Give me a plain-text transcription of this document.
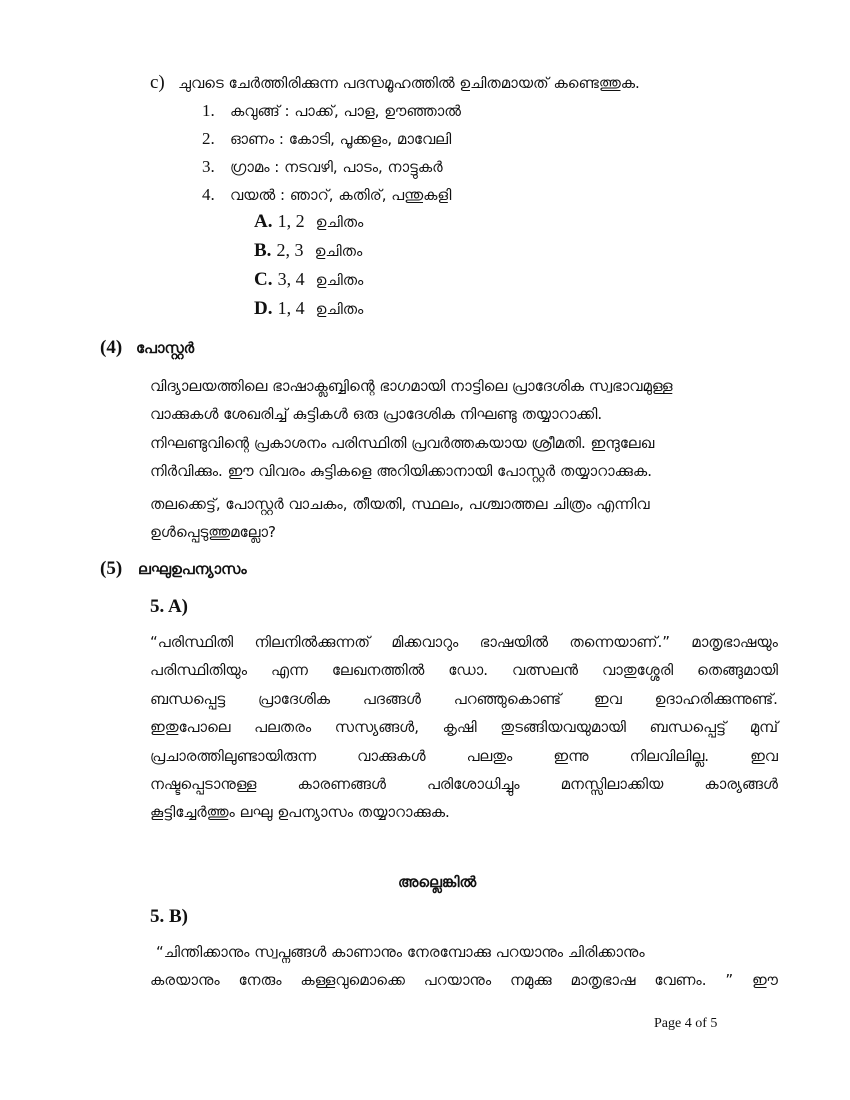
c) ചുവടെ ചേർത്തിരിക്കുന്ന പദസമൂഹത്തിൽ ഉചിതമായത് കണ്ടെത്തുക.
1. കവുങ്ങ് : പാക്ക്, പാള, ഊഞ്ഞാൽ
2. ഓണം : കോടി, പൂക്കളം, മാവേലി
3. ഗ്രാമം : നടവഴി, പാടം, നാട്ടുകർ
4. വയൽ : ഞാറ്, കതിര്, പന്തുകളി
A. 1, 2 ഉചിതം
B. 2, 3 ഉചിതം
C. 3, 4 ഉചിതം
D. 1, 4 ഉചിതം
(4) പോസ്റ്റർ
വിദ്യാലയത്തിലെ ഭാഷാക്ലബ്ബിന്റെ ഭാഗമായി നാട്ടിലെ പ്രാദേശിക സ്വഭാവമുള്ള
വാക്കുകൾ ശേഖരിച്ച് കുട്ടികൾ ഒരു പ്രാദേശിക നിഘണ്ടു തയ്യാറാക്കി.
നിഘണ്ടുവിന്റെ പ്രകാശനം പരിസ്ഥിതി പ്രവർത്തകയായ ശ്രീമതി. ഇന്ദുലേഖ
നിർവിക്കും. ഈ വിവരം കുട്ടികളെ അറിയിക്കാനായി പോസ്റ്റർ തയ്യാറാക്കുക.
തലക്കെട്ട്, പോസ്റ്റർ വാചകം, തീയതി, സ്ഥലം, പശ്ചാത്തല ചിത്രം എന്നിവ
ഉൾപ്പെടുത്തുമല്ലോ?
(5) ലഘുഉപന്യാസം
5. A)
“പരിസ്ഥിതി നിലനിൽക്കുന്നത് മിക്കവാറും ഭാഷയിൽ തന്നെയാണ്.” മാതൃഭാഷയും
പരിസ്ഥിതിയും എന്ന ലേഖനത്തിൽ ഡോ. വത്സലൻ വാതുശ്ശേരി തെങ്ങുമായി
ബന്ധപ്പെട്ട പ്രാദേശിക പദങ്ങൾ പറഞ്ഞുകൊണ്ട് ഇവ ഉദാഹരിക്കുന്നുണ്ട്.
ഇതുപോലെ പലതരം സസ്യങ്ങൾ, കൃഷി തുടങ്ങിയവയുമായി ബന്ധപ്പെട്ട് മുമ്പ്
പ്രചാരത്തിലുണ്ടായിരുന്ന	വാക്കുകൾ	പലതും	ഇന്നു	നിലവിലില്ല.	ഇവ
നഷ്ടപ്പെടാനുള്ള	കാരണങ്ങൾ	പരിശോധിച്ചും	മനസ്സിലാക്കിയ	കാര്യങ്ങൾ
കൂട്ടിച്ചേർത്തും ലഘു ഉപന്യാസം തയ്യാറാക്കുക.
അല്ലെങ്കിൽ
5. B)
“ചിന്തിക്കാനും സ്വപ്നങ്ങൾ കാണാനും നേരമ്പോക്കു പറയാനും ചിരിക്കാനും
കരയാനും നേരും കള്ളവുമൊക്കെ പറയാനും നമുക്കു മാതൃഭാഷ വേണം. ” ഈ
Page 4 of 5
